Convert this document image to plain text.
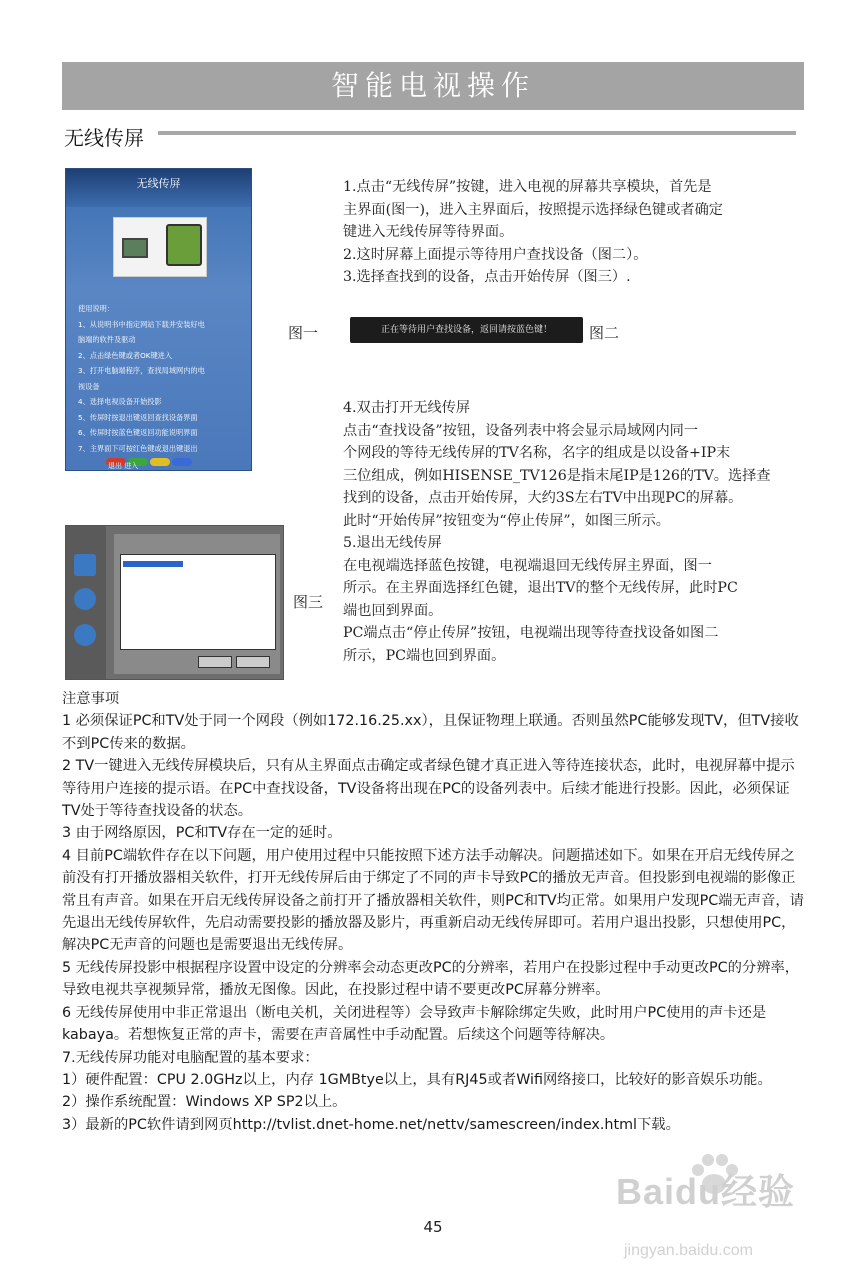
智能电视操作
无线传屏
无线传屏
使用说明：
1、从说明书中指定网站下载并安装好电
脑端的软件及驱动
2、点击绿色键或者OK键进入
3、打开电脑端程序，查找局域网内的电
视设备
4、选择电视设备开始投影
5、传屏时按退出键返回查找设备界面
6、传屏时按蓝色键返回功能说明界面
7、主界面下可按红色键或退出键退出
退出 进入
图一	正在等待用户查找设备，返回请按蓝色键！	图二
1.点击“无线传屏”按键，进入电视的屏幕共享模块，首先是
主界面(图一)，进入主界面后，按照提示选择绿色键或者确定
键进入无线传屏等待界面。
2.这时屏幕上面提示等待用户查找设备（图二）。
3.选择查找到的设备，点击开始传屏（图三）.
4.双击打开无线传屏
点击“查找设备”按钮，设备列表中将会显示局域网内同一
个网段的等待无线传屏的TV名称，名字的组成是以设备+IP末
三位组成，例如HISENSE_TV126是指末尾IP是126的TV。选择查
找到的设备，点击开始传屏，大约3S左右TV中出现PC的屏幕。
此时“开始传屏”按钮变为“停止传屏”，如图三所示。
图三
5.退出无线传屏
在电视端选择蓝色按键，电视端退回无线传屏主界面，图一
所示。在主界面选择红色键，退出TV的整个无线传屏，此时PC
端也回到界面。
PC端点击“停止传屏”按钮，电视端出现等待查找设备如图二
所示，PC端也回到界面。

注意事项

1 必须保证PC和TV处于同一个网段（例如172.16.25.xx），且保证物理上联通。否则虽然PC能够发现TV，但TV接收不到PC传来的数据。

2 TV一键进入无线传屏模块后，只有从主界面点击确定或者绿色键才真正进入等待连接状态，此时，电视屏幕中提示等待用户连接的提示语。在PC中查找设备，TV设备将出现在PC的设备列表中。后续才能进行投影。因此，必须保证TV处于等待查找设备的状态。

3 由于网络原因，PC和TV存在一定的延时。

4 目前PC端软件存在以下问题，用户使用过程中只能按照下述方法手动解决。问题描述如下。如果在开启无线传屏之前没有打开播放器相关软件，打开无线传屏后由于绑定了不同的声卡导致PC的播放无声音。但投影到电视端的影像正常且有声音。如果在开启无线传屏设备之前打开了播放器相关软件，则PC和TV均正常。如果用户发现PC端无声音，请先退出无线传屏软件，先启动需要投影的播放器及影片，再重新启动无线传屏即可。若用户退出投影，只想使用PC，解决PC无声音的问题也是需要退出无线传屏。

5 无线传屏投影中根据程序设置中设定的分辨率会动态更改PC的分辨率，若用户在投影过程中手动更改PC的分辨率，导致电视共享视频异常，播放无图像。因此，在投影过程中请不要更改PC屏幕分辨率。

6 无线传屏使用中非正常退出（断电关机，关闭进程等）会导致声卡解除绑定失败，此时用户PC使用的声卡还是kabaya。若想恢复正常的声卡，需要在声音属性中手动配置。后续这个问题等待解决。

7.无线传屏功能对电脑配置的基本要求：

1）硬件配置：CPU 2.0GHz以上，内存 1GMBtye以上，具有RJ45或者Wifi网络接口，比较好的影音娱乐功能。

2）操作系统配置：Windows XP SP2以上。

3）最新的PC软件请到网页http://tvlist.dnet-home.net/nettv/samescreen/index.html下载。

Baidu经验
jingyan.baidu.com
45
